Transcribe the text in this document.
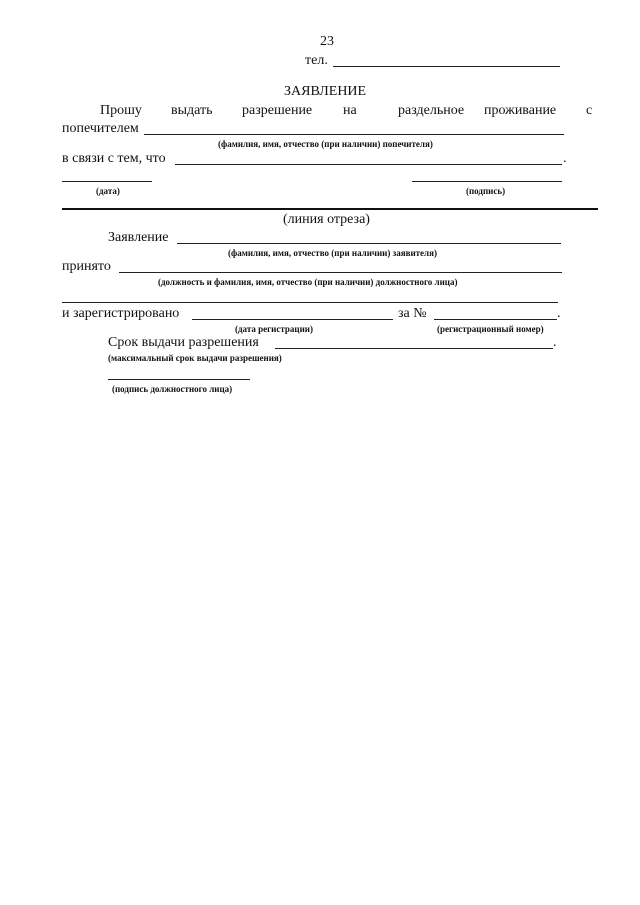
23
тел.
ЗАЯВЛЕНИЕ
Прошу выдать разрешение на	раздельное проживание с
попечителем
(фамилия, имя, отчество (при наличии) попечителя)
в связи с тем, что	.
(дата)	(подпись)
(линия отреза)
Заявление
(фамилия, имя, отчество (при наличии) заявителя)
принято
(должность и фамилия, имя, отчество (при наличии) должностного лица)
и зарегистрировано	за №	.
(дата регистрации)	(регистрационный номер)
Срок выдачи разрешения	.
(максимальный срок выдачи разрешения)
(подпись должностного лица)
